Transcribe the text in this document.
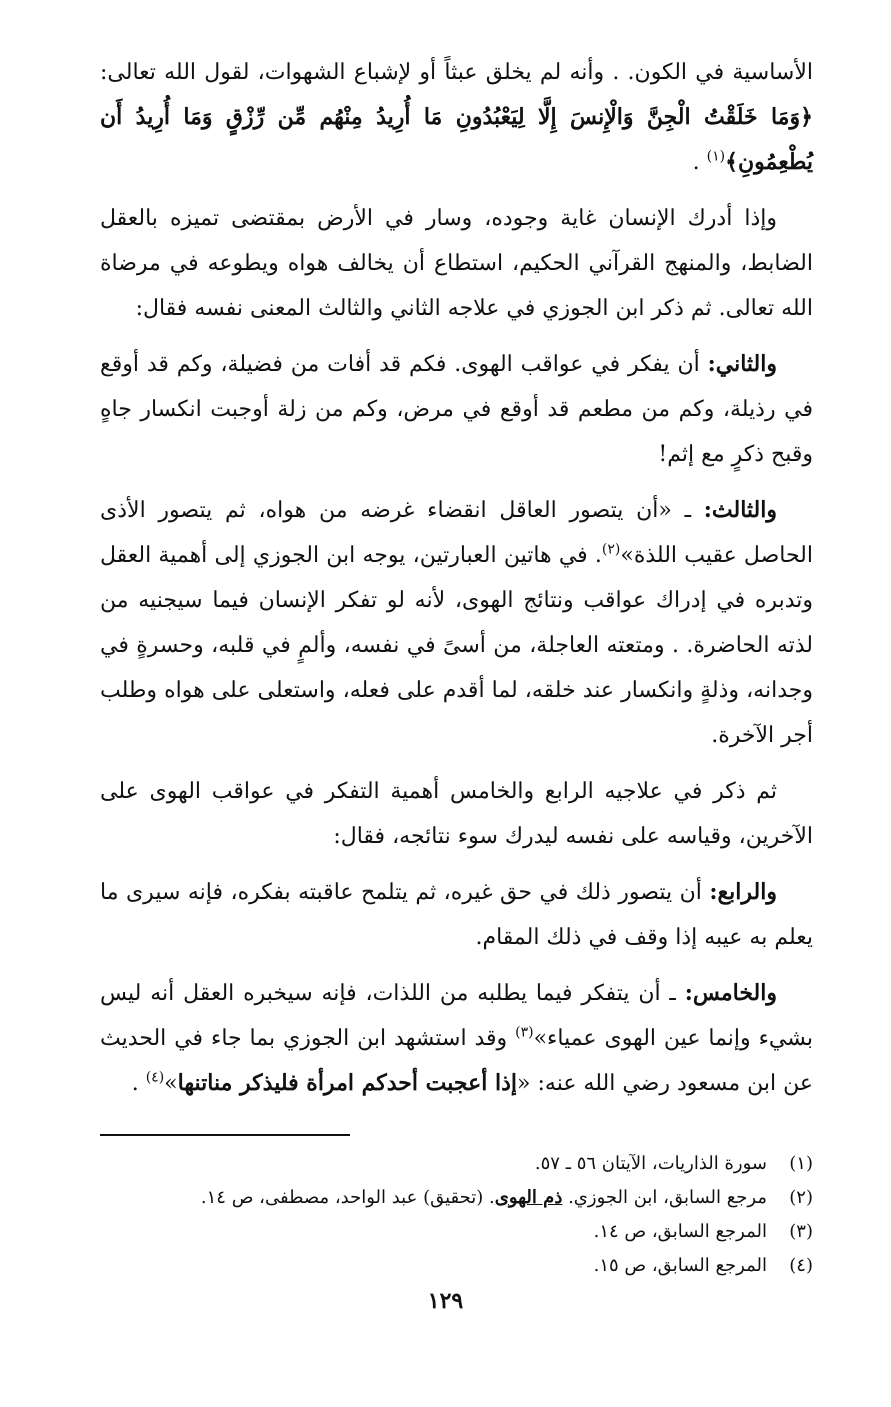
الأساسية في الكون. . وأنه لم يخلق عبثاً أو لإشباع الشهوات، لقول الله تعالى: ﴿وَمَا خَلَقْتُ الْجِنَّ وَالْإِنسَ إِلَّا لِيَعْبُدُونِ مَا أُرِيدُ مِنْهُم مِّن رِّزْقٍ وَمَا أُرِيدُ أَن يُطْعِمُونِ﴾$^{(١)}$ .

وإذا أدرك الإنسان غاية وجوده، وسار في الأرض بمقتضى تميزه بالعقل الضابط، والمنهج القرآني الحكيم، استطاع أن يخالف هواه ويطوعه في مرضاة الله تعالى. ثم ذكر ابن الجوزي في علاجه الثاني والثالث المعنى نفسه فقال:

والثاني: أن يفكر في عواقب الهوى. فكم قد أفات من فضيلة، وكم قد أوقع في رذيلة، وكم من مطعم قد أوقع في مرض، وكم من زلة أوجبت انكسار جاهٍ وقبح ذكرٍ مع إثم!

والثالث: ـ «أن يتصور العاقل انقضاء غرضه من هواه، ثم يتصور الأذى الحاصل عقيب اللذة»$^{(٢)}$. في هاتين العبارتين، يوجه ابن الجوزي إلى أهمية العقل وتدبره في إدراك عواقب ونتائج الهوى، لأنه لو تفكر الإنسان فيما سيجنيه من لذته الحاضرة. . ومتعته العاجلة، من أسىً في نفسه، وألمٍ في قلبه، وحسرةٍ في وجدانه، وذلةٍ وانكسار عند خلقه، لما أقدم على فعله، واستعلى على هواه وطلب أجر الآخرة.

ثم ذكر في علاجيه الرابع والخامس أهمية التفكر في عواقب الهوى على الآخرين، وقياسه على نفسه ليدرك سوء نتائجه، فقال:

والرابع: أن يتصور ذلك في حق غيره، ثم يتلمح عاقبته بفكره، فإنه سيرى ما يعلم به عيبه إذا وقف في ذلك المقام.

والخامس: ـ أن يتفكر فيما يطلبه من اللذات، فإنه سيخبره العقل أنه ليس بشيء وإنما عين الهوى عمياء»$^{(٣)}$ وقد استشهد ابن الجوزي بما جاء في الحديث عن ابن مسعود رضي الله عنه: «إذا أعجبت أحدكم امرأة فليذكر مناتنها»$^{(٤)}$ .

(١)
سورة الذاريات، الآيتان ٥٦ ـ ٥٧.
(٢)
مرجع السابق، ابن الجوزي. ذم الهوى. (تحقيق) عبد الواحد، مصطفى، ص ١٤.
(٣)
المرجع السابق، ص ١٤.
(٤)
المرجع السابق، ص ١٥.
١٢٩
